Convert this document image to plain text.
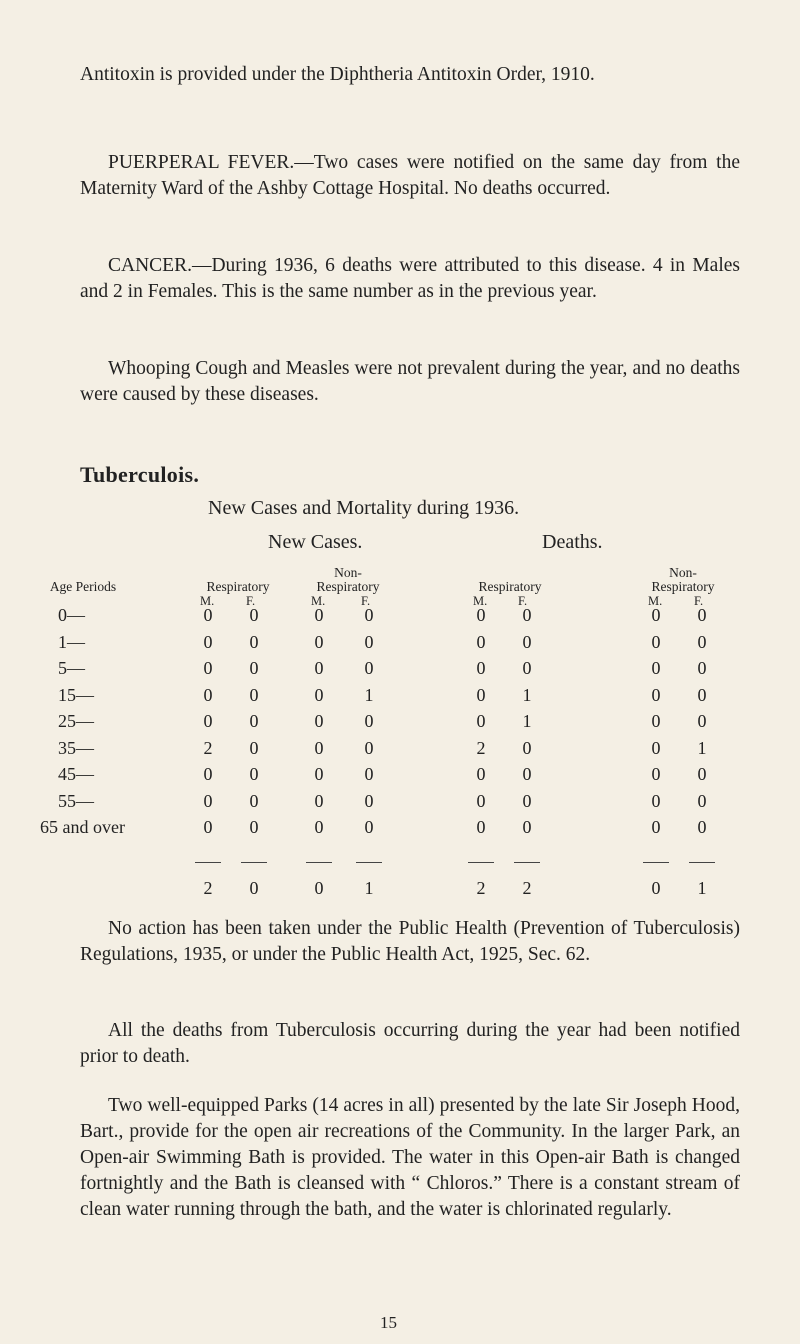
Antitoxin is provided under the Diphtheria Antitoxin Order, 1910.

PUERPERAL FEVER.—Two cases were notified on the same day from the Maternity Ward of the Ashby Cottage Hospital. No deaths occurred.

CANCER.—During 1936, 6 deaths were attributed to this disease. 4 in Males and 2 in Females. This is the same number as in the previous year.

Whooping Cough and Measles were not prevalent during the year, and no deaths were caused by these diseases.

Tuberculois.
New Cases and Mortality during 1936.
New Cases.	Deaths.
Age Periods	Respiratory
Non-
Respiratory	Respiratory
Non-
Respiratory
M.	F.	M.	F.	M. F.	M.	F.
0—	0	0	0	0	0	0	0	0
1—	0	0	0	0	0	0	0	0
5—	0	0	0	0	0	0	0	0
15—	0	0	0	1	0	1	0	0
25—	0	0	0	0	0	1	0	0
35—	2	0	0	0	2	0	0	1
45—	0	0	0	0	0	0	0	0
55—	0	0	0	0	0	0	0	0
65 and over	0	0	0	0	0	0	0	0
2	0	0	1	2	2	0	1

No action has been taken under the Public Health (Prevention of Tuberculosis) Regulations, 1935, or under the Public Health Act, 1925, Sec. 62.

All the deaths from Tuberculosis occurring during the year had been notified prior to death.

Two well-equipped Parks (14 acres in all) presented by the late Sir Joseph Hood, Bart., provide for the open air recreations of the Community. In the larger Park, an Open-air Swimming Bath is provided. The water in this Open-air Bath is changed fortnightly and the Bath is cleansed with “ Chloros.” There is a constant stream of clean water running through the bath, and the water is chlorinated regularly.

15
